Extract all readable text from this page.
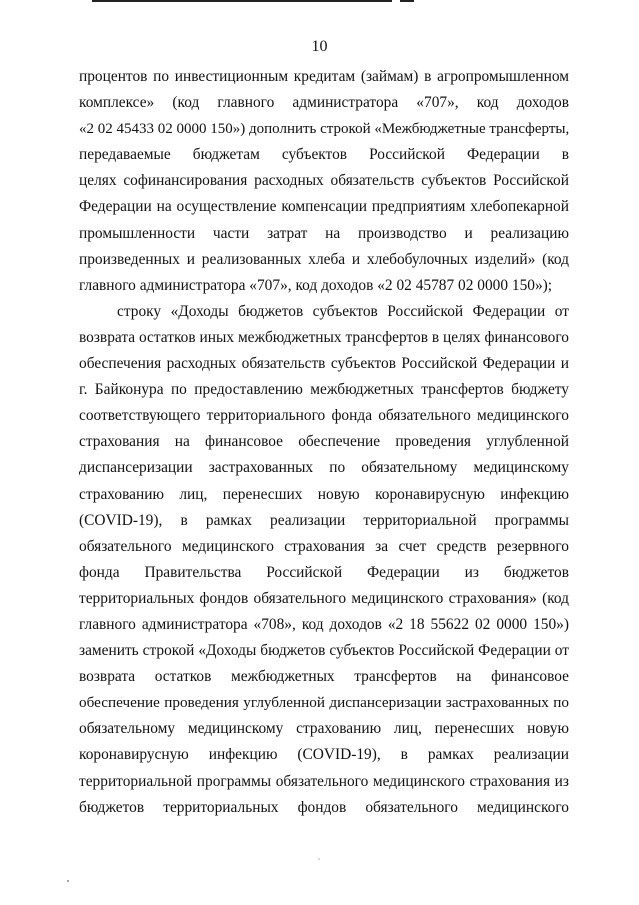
10
процентов по инвестиционным кредитам (займам) в агропромышленном
комплексе» (код главного администратора «707», код доходов
«2 02 45433 02 0000 150») дополнить строкой «Межбюджетные трансферты,
передаваемые бюджетам субъектов Российской Федерации в
целях софинансирования расходных обязательств субъектов Российской
Федерации на осуществление компенсации предприятиям хлебопекарной
промышленности части затрат на производство и реализацию
произведенных и реализованных хлеба и хлебобулочных изделий» (код
главного администратора «707», код доходов «2 02 45787 02 0000 150»);
строку «Доходы бюджетов субъектов Российской Федерации от
возврата остатков иных межбюджетных трансфертов в целях финансового
обеспечения расходных обязательств субъектов Российской Федерации и
г. Байконура по предоставлению межбюджетных трансфертов бюджету
соответствующего территориального фонда обязательного медицинского
страхования на финансовое обеспечение проведения углубленной
диспансеризации застрахованных по обязательному медицинскому
страхованию лиц, перенесших новую коронавирусную инфекцию
(COVID-19), в рамках реализации территориальной программы
обязательного медицинского страхования за счет средств резервного
фонда Правительства Российской Федерации из бюджетов
территориальных фондов обязательного медицинского страхования» (код
главного администратора «708», код доходов «2 18 55622 02 0000 150»)
заменить строкой «Доходы бюджетов субъектов Российской Федерации от
возврата остатков межбюджетных трансфертов на финансовое
обеспечение проведения углубленной диспансеризации застрахованных по
обязательному медицинскому страхованию лиц, перенесших новую
коронавирусную инфекцию (COVID-19), в рамках реализации
территориальной программы обязательного медицинского страхования из
бюджетов территориальных фондов обязательного медицинского
